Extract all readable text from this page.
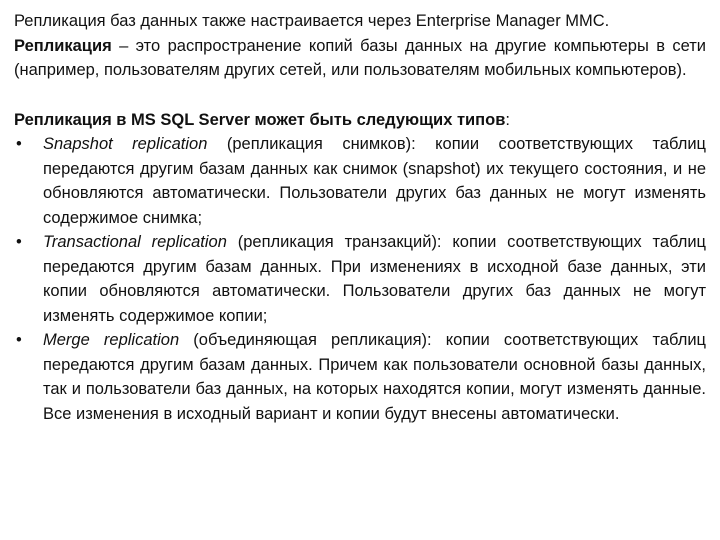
Репликация баз данных также настраивается через Enterprise Manager MMC.
Репликация – это распространение копий базы данных на другие компьютеры в сети (например, пользователям других сетей, или пользователям мобильных компьютеров).

Репликация в MS SQL Server может быть следующих типов:

• Snapshot replication (репликация снимков): копии соответствующих таблиц передаются другим базам данных как снимок (snapshot) их текущего состояния, и не обновляются автоматически. Пользователи других баз данных не могут изменять содержимое снимка;
• Transactional replication (репликация транзакций): копии соответствующих таблиц передаются другим базам данных. При изменениях в исходной базе данных, эти копии обновляются автоматически. Пользователи других баз данных не могут изменять содержимое копии;
• Merge replication (объединяющая репликация): копии соответствующих таблиц передаются другим базам данных. Причем как пользователи основной базы данных, так и пользователи баз данных, на которых находятся копии, могут изменять данные. Все изменения в исходный вариант и копии будут внесены автоматически.
